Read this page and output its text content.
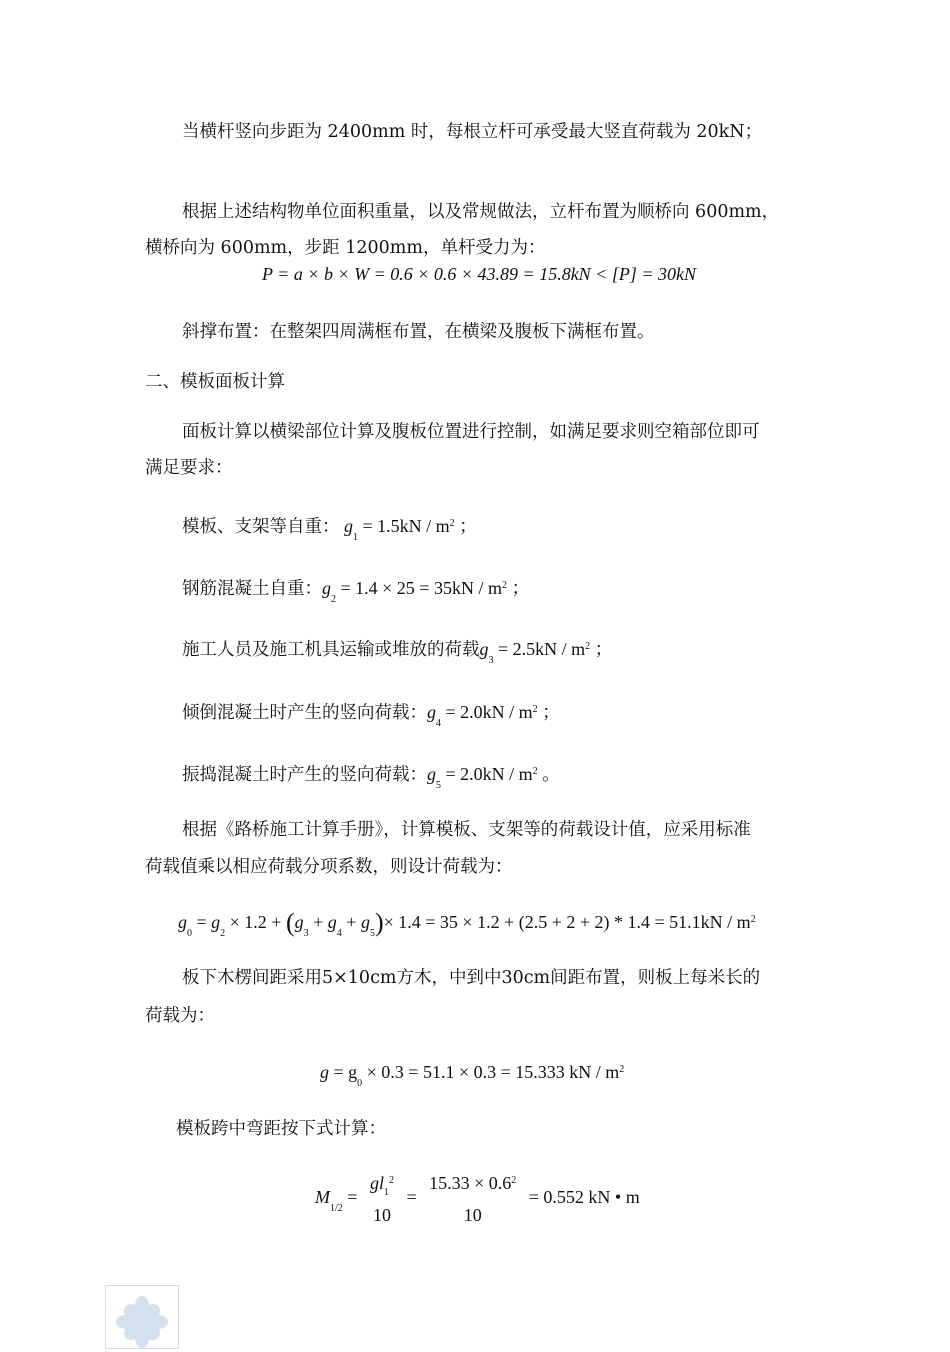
当横杆竖向步距为 2400mm 时，每根立杆可承受最大竖直荷载为 20kN；
根据上述结构物单位面积重量，以及常规做法，立杆布置为顺桥向 600mm，
横桥向为 600mm，步距 1200mm，单杆受力为：
P = a × b × W = 0.6 × 0.6 × 43.89 = 15.8kN < [P] = 30kN
斜撑布置：在整架四周满框布置，在横梁及腹板下满框布置。
二、模板面板计算
面板计算以横梁部位计算及腹板位置进行控制，如满足要求则空箱部位即可
满足要求：
模板、支架等自重： $g_1 = 1.5kN / m^2$ ；
钢筋混凝土自重：$g_2 = 1.4 \times 25 = 35kN / m^2$ ；
施工人员及施工机具运输或堆放的荷载$g_3 = 2.5kN / m^2$ ；
倾倒混凝土时产生的竖向荷载：$g_4 = 2.0kN / m^2$ ；
振捣混凝土时产生的竖向荷载：$g_5 = 2.0kN / m^2$ 。
根据《路桥施工计算手册》，计算模板、支架等的荷载设计值，应采用标准
荷载值乘以相应荷载分项系数，则设计荷载为：
$g_0 = g_2 \times 1.2 + (g_3 + g_4 + g_5)\times 1.4 = 35 \times 1.2 + (2.5 + 2 + 2) * 1.4 = 51.1kN / m^2$
板下木楞间距采用5×10cm方木，中到中30cm间距布置，则板上每米长的
荷载为：
$g = g_0 \times 0.3 = 51.1 \times 0.3 = 15.333$ kN / $m^2$
模板跨中弯距按下式计算：
$M_{1/2}$ =
$gl_1^2$
10
=
$15.33 \times 0.6^2$
10
= 0.552 kN • m
